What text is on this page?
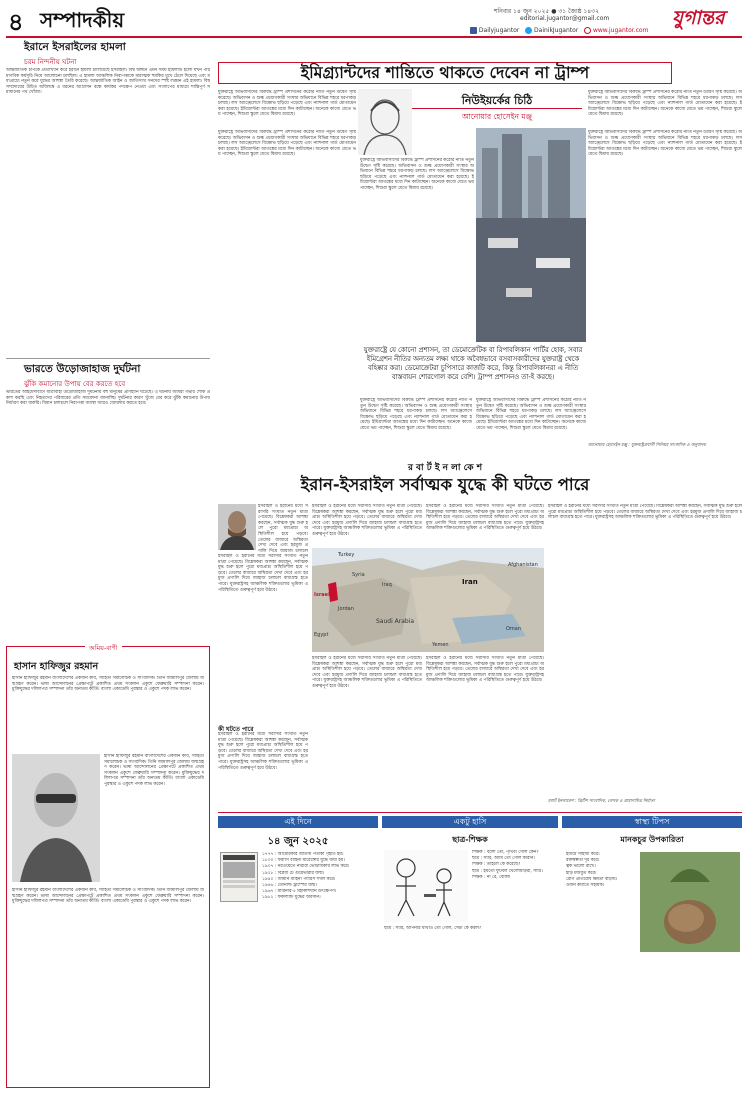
৪ সম্পাদকীয়	শনিবার ১৪ জুন ২০২৫ ● ৩১ জ্যৈষ্ঠ ১৪৩২
editorial.jugantor@gmail.com	যুগান্তর
Dailyjugantor DainikJugantor www.jugantor.com
ইরানে ইসরাইলের হামলা
চরম নিন্দনীয় ঘটনা
আন্তর্জাতিক চাপকে প্রত্যাখ্যান করে ইরানে হামলা চালিয়েছে ইসরাইল। বিশ্ব অঙ্গনে এমন সময় হামলাটি হলো যখন পারমাণবিক কর্মসূচি নিয়ে আলোচনা চলছিল। এ হামলা আঞ্চলিক নিরাপত্তাকে মারাত্মক হুমকির মুখে ঠেলে দিয়েছে এবং মধ্যপ্রাচ্যে নতুন করে যুদ্ধের আশঙ্কা তৈরি করেছে। আন্তর্জাতিক আইন ও জাতিসংঘ সনদের স্পষ্ট লঙ্ঘন এই হামলা। বিশ্ব সম্প্রদায়ের উচিত অবিলম্বে এ ধরনের আগ্রাসন বন্ধে কার্যকর পদক্ষেপ নেওয়া এবং সংলাপের মাধ্যমে শান্তিপূর্ণ সমাধানের পথ খোঁজা।
ভারতে উড়োজাহাজ দুর্ঘটনা
ঝুঁকি কমানোর উপায় বের করতে হবে
ভারতের আহমেদাবাদে যাত্রীবাহী উড়োজাহাজ দুর্ঘটনায় বহু মানুষের প্রাণহানি ঘটেছে। এ ঘটনায় আমরা গভীর শোক প্রকাশ করছি এবং নিহতদের পরিবারের প্রতি সমবেদনা জানাচ্ছি। দুর্ঘটনার কারণ খুঁজে বের করে ঝুঁকি কমানোর উপায় নির্ধারণ করা জরুরি। বিমান চলাচলে নিরাপত্তা ব্যবস্থা আরও জোরদার করতে হবে।
অমিয়-বাণী
হাসান হাফিজুর রহমান
হাসান হাফিজুর রহমান বাংলাদেশের একজন কবি, সাহিত্য সমালোচক ও সাংবাদিক। তিনি জামালপুর জেলায় জন্মগ্রহণ করেন। ভাষা আন্দোলনের প্রেক্ষাপটে প্রকাশিত প্রথম সংকলন একুশে ফেব্রুয়ারি সম্পাদনা করেন। মুক্তিযুদ্ধের দলিলপত্র সম্পাদনা তাঁর অন্যতম কীর্তি। বাংলা একাডেমি পুরস্কার ও একুশে পদক লাভ করেন।
হাসান হাফিজুর রহমান বাংলাদেশের একজন কবি, সাহিত্য সমালোচক ও সাংবাদিক। তিনি জামালপুর জেলায় জন্মগ্রহণ করেন। ভাষা আন্দোলনের প্রেক্ষাপটে প্রকাশিত প্রথম সংকলন একুশে ফেব্রুয়ারি সম্পাদনা করেন। মুক্তিযুদ্ধের দলিলপত্র সম্পাদনা তাঁর অন্যতম কীর্তি। বাংলা একাডেমি পুরস্কার ও একুশে পদক লাভ করেন।
হাসান হাফিজুর রহমান বাংলাদেশের একজন কবি, সাহিত্য সমালোচক ও সাংবাদিক। তিনি জামালপুর জেলায় জন্মগ্রহণ করেন। ভাষা আন্দোলনের প্রেক্ষাপটে প্রকাশিত প্রথম সংকলন একুশে ফেব্রুয়ারি সম্পাদনা করেন। মুক্তিযুদ্ধের দলিলপত্র সম্পাদনা তাঁর অন্যতম কীর্তি। বাংলা একাডেমি পুরস্কার ও একুশে পদক লাভ করেন।
ইমিগ্র্যান্টদের শান্তিতে থাকতে দেবেন না ট্রাম্প
যুক্তরাষ্ট্রে অভিবাসীদের বিরুদ্ধে ট্রাম্প প্রশাসনের কঠোর নীতি নতুন উদ্বেগ সৃষ্টি করেছে। অভিবাসন ও শুল্ক প্রয়োগকারী সংস্থার অভিযানে বিভিন্ন শহরে ধরপাকড় চলছে। লস অ্যাঞ্জেলেসে বিক্ষোভ ছড়িয়ে পড়েছে এবং ন্যাশনাল গার্ড মোতায়েন করা হয়েছে। ইমিগ্র্যান্টরা আতঙ্কের মধ্যে দিন কাটাচ্ছেন। অনেকে কাজে যেতে ভয় পাচ্ছেন, শিশুরা স্কুলে যেতে দ্বিধায় রয়েছে।
যুক্তরাষ্ট্রে অভিবাসীদের বিরুদ্ধে ট্রাম্প প্রশাসনের কঠোর নীতি নতুন উদ্বেগ সৃষ্টি করেছে। অভিবাসন ও শুল্ক প্রয়োগকারী সংস্থার অভিযানে বিভিন্ন শহরে ধরপাকড় চলছে। লস অ্যাঞ্জেলেসে বিক্ষোভ ছড়িয়ে পড়েছে এবং ন্যাশনাল গার্ড মোতায়েন করা হয়েছে। ইমিগ্র্যান্টরা আতঙ্কের মধ্যে দিন কাটাচ্ছেন। অনেকে কাজে যেতে ভয় পাচ্ছেন, শিশুরা স্কুলে যেতে দ্বিধায় রয়েছে।
নিউইয়র্কের চিঠি
আনোয়ার হোসেইন মঞ্জু
যুক্তরাষ্ট্রে অভিবাসীদের বিরুদ্ধে ট্রাম্প প্রশাসনের কঠোর নীতি নতুন উদ্বেগ সৃষ্টি করেছে। অভিবাসন ও শুল্ক প্রয়োগকারী সংস্থার অভিযানে বিভিন্ন শহরে ধরপাকড় চলছে। লস অ্যাঞ্জেলেসে বিক্ষোভ ছড়িয়ে পড়েছে এবং ন্যাশনাল গার্ড মোতায়েন করা হয়েছে। ইমিগ্র্যান্টরা আতঙ্কের মধ্যে দিন কাটাচ্ছেন। অনেকে কাজে যেতে ভয় পাচ্ছেন, শিশুরা স্কুলে যেতে দ্বিধায় রয়েছে।
যুক্তরাষ্ট্রে অভিবাসীদের বিরুদ্ধে ট্রাম্প প্রশাসনের কঠোর নীতি নতুন উদ্বেগ সৃষ্টি করেছে। অভিবাসন ও শুল্ক প্রয়োগকারী সংস্থার অভিযানে বিভিন্ন শহরে ধরপাকড় চলছে। লস অ্যাঞ্জেলেসে বিক্ষোভ ছড়িয়ে পড়েছে এবং ন্যাশনাল গার্ড মোতায়েন করা হয়েছে। ইমিগ্র্যান্টরা আতঙ্কের মধ্যে দিন কাটাচ্ছেন। অনেকে কাজে যেতে ভয় পাচ্ছেন, শিশুরা স্কুলে যেতে দ্বিধায় রয়েছে।
যুক্তরাষ্ট্রে অভিবাসীদের বিরুদ্ধে ট্রাম্প প্রশাসনের কঠোর নীতি নতুন উদ্বেগ সৃষ্টি করেছে। অভিবাসন ও শুল্ক প্রয়োগকারী সংস্থার অভিযানে বিভিন্ন শহরে ধরপাকড় চলছে। লস অ্যাঞ্জেলেসে বিক্ষোভ ছড়িয়ে পড়েছে এবং ন্যাশনাল গার্ড মোতায়েন করা হয়েছে। ইমিগ্র্যান্টরা আতঙ্কের মধ্যে দিন কাটাচ্ছেন। অনেকে কাজে যেতে ভয় পাচ্ছেন, শিশুরা স্কুলে যেতে দ্বিধায় রয়েছে।
যুক্তরাষ্ট্রে যে কোনো প্রশাসন, তা ডেমোক্রেটিক বা রিপাবলিকান পার্টির হোক, সবার ইমিগ্রেশন নীতির অন্যতম লক্ষ্য থাকে অবৈধভাবে বসবাসকারীদের যুক্তরাষ্ট্র থেকে বহিষ্কার করা। ডেমোক্রেটরা চুপিসারে কাজটি করে, কিন্তু রিপাবলিকানরা এ নীতি বাস্তবায়ন শোরগোল করে বেশি। ট্রাম্প প্রশাসনও তা-ই করছে।
যুক্তরাষ্ট্রে অভিবাসীদের বিরুদ্ধে ট্রাম্প প্রশাসনের কঠোর নীতি নতুন উদ্বেগ সৃষ্টি করেছে। অভিবাসন ও শুল্ক প্রয়োগকারী সংস্থার অভিযানে বিভিন্ন শহরে ধরপাকড় চলছে। লস অ্যাঞ্জেলেসে বিক্ষোভ ছড়িয়ে পড়েছে এবং ন্যাশনাল গার্ড মোতায়েন করা হয়েছে। ইমিগ্র্যান্টরা আতঙ্কের মধ্যে দিন কাটাচ্ছেন। অনেকে কাজে যেতে ভয় পাচ্ছেন, শিশুরা স্কুলে যেতে দ্বিধায় রয়েছে।
যুক্তরাষ্ট্রে অভিবাসীদের বিরুদ্ধে ট্রাম্প প্রশাসনের কঠোর নীতি নতুন উদ্বেগ সৃষ্টি করেছে। অভিবাসন ও শুল্ক প্রয়োগকারী সংস্থার অভিযানে বিভিন্ন শহরে ধরপাকড় চলছে। লস অ্যাঞ্জেলেসে বিক্ষোভ ছড়িয়ে পড়েছে এবং ন্যাশনাল গার্ড মোতায়েন করা হয়েছে। ইমিগ্র্যান্টরা আতঙ্কের মধ্যে দিন কাটাচ্ছেন। অনেকে কাজে যেতে ভয় পাচ্ছেন, শিশুরা স্কুলে যেতে দ্বিধায় রয়েছে।
আনোয়ার হোসেইন মঞ্জু : যুক্তরাষ্ট্রপ্রবাসী সিনিয়র সাংবাদিক ও অনুবাদক
র বা র্ট ই ন লা কে শ
ইরান-ইসরাইল সর্বাত্মক যুদ্ধে কী ঘটতে পারে
ইসরাইল ও ইরানের মধ্যে সরাসরি সংঘাত নতুন মাত্রা পেয়েছে। বিশ্লেষকরা আশঙ্কা করছেন, সর্বাত্মক যুদ্ধ শুরু হলে পুরো মধ্যপ্রাচ্য অস্থিতিশীল হয়ে পড়বে। তেলের বাজারে অস্থিরতা দেখা দেবে এবং হরমুজ প্রণালি দিয়ে জাহাজ চলাচল
ইসরাইল ও ইরানের মধ্যে সরাসরি সংঘাত নতুন মাত্রা পেয়েছে। বিশ্লেষকরা আশঙ্কা করছেন, সর্বাত্মক যুদ্ধ শুরু হলে পুরো মধ্যপ্রাচ্য অস্থিতিশীল হয়ে পড়বে। তেলের বাজারে অস্থিরতা দেখা দেবে এবং হরমুজ প্রণালি দিয়ে জাহাজ চলাচল বাধাগ্রস্ত হতে পারে। যুক্তরাষ্ট্রসহ আঞ্চলিক শক্তিগুলোর ভূমিকা এ পরিস্থিতিতে গুরুত্বপূর্ণ হয়ে উঠবে।
কী ঘটতে পারে
ইসরাইল ও ইরানের মধ্যে সরাসরি সংঘাত নতুন মাত্রা পেয়েছে। বিশ্লেষকরা আশঙ্কা করছেন, সর্বাত্মক যুদ্ধ শুরু হলে পুরো মধ্যপ্রাচ্য অস্থিতিশীল হয়ে পড়বে। তেলের বাজারে অস্থিরতা দেখা দেবে এবং হরমুজ প্রণালি দিয়ে জাহাজ চলাচল বাধাগ্রস্ত হতে পারে। যুক্তরাষ্ট্রসহ আঞ্চলিক শক্তিগুলোর ভূমিকা এ পরিস্থিতিতে গুরুত্বপূর্ণ হয়ে উঠবে।
ইসরাইল ও ইরানের মধ্যে সরাসরি সংঘাত নতুন মাত্রা পেয়েছে। বিশ্লেষকরা আশঙ্কা করছেন, সর্বাত্মক যুদ্ধ শুরু হলে পুরো মধ্যপ্রাচ্য অস্থিতিশীল হয়ে পড়বে। তেলের বাজারে অস্থিরতা দেখা দেবে এবং হরমুজ প্রণালি দিয়ে জাহাজ চলাচল বাধাগ্রস্ত হতে পারে। যুক্তরাষ্ট্রসহ আঞ্চলিক শক্তিগুলোর ভূমিকা এ পরিস্থিতিতে গুরুত্বপূর্ণ হয়ে উঠবে।
ইসরাইল ও ইরানের মধ্যে সরাসরি সংঘাত নতুন মাত্রা পেয়েছে। বিশ্লেষকরা আশঙ্কা করছেন, সর্বাত্মক যুদ্ধ শুরু হলে পুরো মধ্যপ্রাচ্য অস্থিতিশীল হয়ে পড়বে। তেলের বাজারে অস্থিরতা দেখা দেবে এবং হরমুজ প্রণালি দিয়ে জাহাজ চলাচল বাধাগ্রস্ত হতে পারে। যুক্তরাষ্ট্রসহ আঞ্চলিক শক্তিগুলোর ভূমিকা এ পরিস্থিতিতে গুরুত্বপূর্ণ হয়ে উঠবে।
Turkey
Syria
Iraq	Iran
Israel
Jordan
Saudi Arabia
Egypt
Oman
Yemen
Afghanistan
ইসরাইল ও ইরানের মধ্যে সরাসরি সংঘাত নতুন মাত্রা পেয়েছে। বিশ্লেষকরা আশঙ্কা করছেন, সর্বাত্মক যুদ্ধ শুরু হলে পুরো মধ্যপ্রাচ্য অস্থিতিশীল হয়ে পড়বে। তেলের বাজারে অস্থিরতা দেখা দেবে এবং হরমুজ প্রণালি দিয়ে জাহাজ চলাচল বাধাগ্রস্ত হতে পারে। যুক্তরাষ্ট্রসহ আঞ্চলিক শক্তিগুলোর ভূমিকা এ পরিস্থিতিতে গুরুত্বপূর্ণ হয়ে উঠবে।
ইসরাইল ও ইরানের মধ্যে সরাসরি সংঘাত নতুন মাত্রা পেয়েছে। বিশ্লেষকরা আশঙ্কা করছেন, সর্বাত্মক যুদ্ধ শুরু হলে পুরো মধ্যপ্রাচ্য অস্থিতিশীল হয়ে পড়বে। তেলের বাজারে অস্থিরতা দেখা দেবে এবং হরমুজ প্রণালি দিয়ে জাহাজ চলাচল বাধাগ্রস্ত হতে পারে। যুক্তরাষ্ট্রসহ আঞ্চলিক শক্তিগুলোর ভূমিকা এ পরিস্থিতিতে গুরুত্বপূর্ণ হয়ে উঠবে।
ইসরাইল ও ইরানের মধ্যে সরাসরি সংঘাত নতুন মাত্রা পেয়েছে। বিশ্লেষকরা আশঙ্কা করছেন, সর্বাত্মক যুদ্ধ শুরু হলে পুরো মধ্যপ্রাচ্য অস্থিতিশীল হয়ে পড়বে। তেলের বাজারে অস্থিরতা দেখা দেবে এবং হরমুজ প্রণালি দিয়ে জাহাজ চলাচল বাধাগ্রস্ত হতে পারে। যুক্তরাষ্ট্রসহ আঞ্চলিক শক্তিগুলোর ভূমিকা এ পরিস্থিতিতে গুরুত্বপূর্ণ হয়ে উঠবে।
রবার্ট ইনলাকেশ : ব্রিটিশ সাংবাদিক, লেখক ও প্রামাণ্যচিত্র নির্মাতা
এই দিনে
১৪ জুন ২০২৫
১৭৭৭ : আমেরিকার জাতীয় পতাকা গৃহীত হয়।
১৮০০ : ফরাসি বাহিনী মারেঙ্গোর যুদ্ধে জয়ী হয়।
১৯০৭ : নরওয়েতে নারীরা ভোটাধিকার লাভ করে।
১৯২৮ : বিপ্লবী চে গুয়েভারার জন্ম।
১৯৪০ : জার্মান বাহিনী প্যারিস দখল করে।
১৯৪৬ : ডোনাল্ড ট্রাম্পের জন্ম।
১৯৬৭ : মারিনার-৫ মহাকাশযান উৎক্ষেপণ।
১৯৮২ : ফকল্যান্ড যুদ্ধের অবসান।
একটু হাসি
ছাত্র-শিক্ষক
শিক্ষক : বলো তো, পৃথিবী গোল কেন?
ছাত্র : স্যার, আমি তো গোল করিনি।
শিক্ষক : তাহলে কে করেছে?
ছাত্র : হয়তো ফুটবল খেলোয়াড়রা, স্যার।
শিক্ষক : না রে, বোকা!
ছাত্র : স্যার, আপনার মাথাও তো গোল, সেটা কে করল?
স্বাস্থ্য টিপস
মানকচুর উপকারিতা
হজমে সাহায্য করে।
রক্তস্বল্পতা দূর করে।
ত্বক ভালো রাখে।
হাড় মজবুত করে।
রোগ প্রতিরোধ ক্ষমতা বাড়ায়।
ওজন কমাতে সহায়ক।
